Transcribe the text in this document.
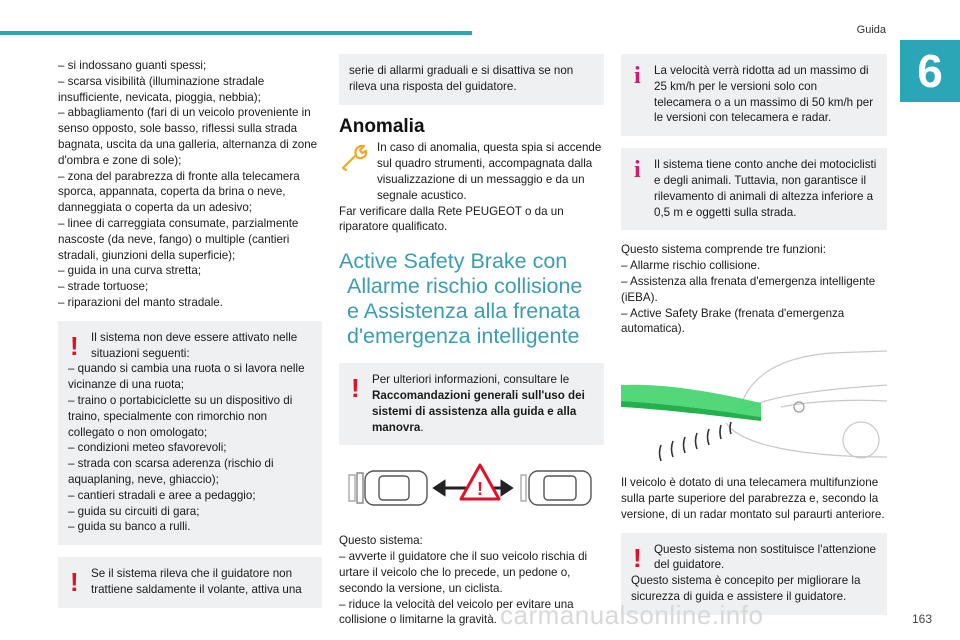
Guida
6

– si indossano guanti spessi;

– scarsa visibilità (illuminazione stradale insufficiente, nevicata, pioggia, nebbia);

– abbagliamento (fari di un veicolo proveniente in senso opposto, sole basso, riflessi sulla strada bagnata, uscita da una galleria, alternanza di zone d'ombra e zone di sole);

– zona del parabrezza di fronte alla telecamera sporca, appannata, coperta da brina o neve, danneggiata o coperta da un adesivo;

– linee di carreggiata consumate, parzialmente nascoste (da neve, fango) o multiple (cantieri stradali, giunzioni della superficie);

– guida in una curva stretta;

– strade tortuose;

– riparazioni del manto stradale.

!	Il sistema non deve essere attivato nelle situazioni seguenti:

– quando si cambia una ruota o si lavora nelle vicinanze di una ruota;

– traino o portabiciclette su un dispositivo di traino, specialmente con rimorchio non collegato o non omologato;

– condizioni meteo sfavorevoli;

– strada con scarsa aderenza (rischio di aquaplaning, neve, ghiaccio);

– cantieri stradali e aree a pedaggio;

– guida su circuiti di gara;

– guida su banco a rulli.

!	Se il sistema rileva che il guidatore non trattiene saldamente il volante, attiva una

serie di allarmi graduali e si disattiva se non rileva una risposta del guidatore.

Anomalia

In caso di anomalia, questa spia si accende sul quadro strumenti, accompagnata dalla visualizzazione di un messaggio e da un segnale acustico.

Far verificare dalla Rete PEUGEOT o da un riparatore qualificato.

Active Safety Brake con
Allarme rischio collisione
e Assistenza alla frenata
d'emergenza intelligente
!	Per ulteriori informazioni, consultare le Raccomandazioni generali sull'uso dei sistemi di assistenza alla guida e alla manovra.

!

Questo sistema:

– avverte il guidatore che il suo veicolo rischia di urtare il veicolo che lo precede, un pedone o, secondo la versione, un ciclista.

– riduce la velocità del veicolo per evitare una collisione o limitarne la gravità.

i	La velocità verrà ridotta ad un massimo di 25 km/h per le versioni solo con telecamera o a un massimo di 50 km/h per le versioni con telecamera e radar.

i	Il sistema tiene conto anche dei motociclisti e degli animali. Tuttavia, non garantisce il rilevamento di animali di altezza inferiore a 0,5 m e oggetti sulla strada.

Questo sistema comprende tre funzioni:

– Allarme rischio collisione.

– Assistenza alla frenata d'emergenza intelligente (iEBA).

– Active Safety Brake (frenata d'emergenza automatica).

Il veicolo è dotato di una telecamera multifunzione sulla parte superiore del parabrezza e, secondo la versione, di un radar montato sul paraurti anteriore.

!	Questo sistema non sostituisce l'attenzione del guidatore.

Questo sistema è concepito per migliorare la sicurezza di guida e assistere il guidatore.

carmanualsonline.info	163
